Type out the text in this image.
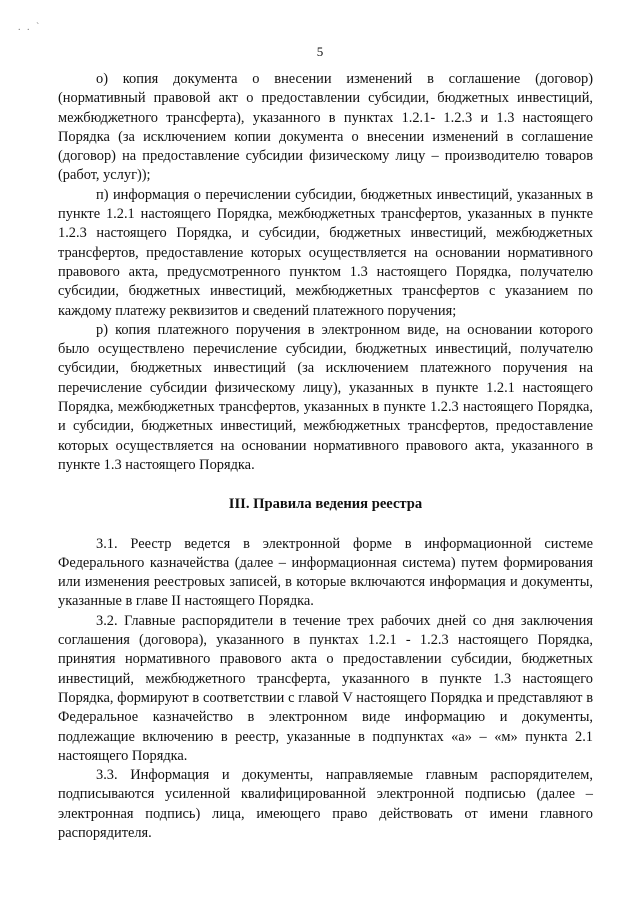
. . `
5

о) копия документа о внесении изменений в соглашение (договор) (нормативный правовой акт о предоставлении субсидии, бюджетных инвестиций, межбюджетного трансферта), указанного в пунктах 1.2.1- 1.2.3 и 1.3 настоящего Порядка (за исключением копии документа о внесении изменений в соглашение (договор) на предоставление субсидии физическому лицу – производителю товаров (работ, услуг));

п) информация о перечислении субсидии, бюджетных инвестиций, указанных в пункте 1.2.1 настоящего Порядка, межбюджетных трансфертов, указанных в пункте 1.2.3 настоящего Порядка, и субсидии, бюджетных инвестиций, межбюджетных трансфертов, предоставление которых осуществляется на основании нормативного правового акта, предусмотренного пунктом 1.3 настоящего Порядка, получателю субсидии, бюджетных инвестиций, межбюджетных трансфертов с указанием по каждому платежу реквизитов и сведений платежного поручения;

р) копия платежного поручения в электронном виде, на основании которого было осуществлено перечисление субсидии, бюджетных инвестиций, получателю субсидии, бюджетных инвестиций (за исключением платежного поручения на перечисление субсидии физическому лицу), указанных в пункте 1.2.1 настоящего Порядка, межбюджетных трансфертов, указанных в пункте 1.2.3 настоящего Порядка, и субсидии, бюджетных инвестиций, межбюджетных трансфертов, предоставление которых осуществляется на основании нормативного правового акта, указанного в пункте 1.3 настоящего Порядка.

III. Правила ведения реестра

3.1. Реестр ведется в электронной форме в информационной системе Федерального казначейства (далее – информационная система) путем формирования или изменения реестровых записей, в которые включаются информация и документы, указанные в главе II настоящего Порядка.

3.2. Главные распорядители в течение трех рабочих дней со дня заключения соглашения (договора), указанного в пунктах 1.2.1 - 1.2.3 настоящего Порядка, принятия нормативного правового акта о предоставлении субсидии, бюджетных инвестиций, межбюджетного трансферта, указанного в пункте 1.3 настоящего Порядка, формируют в соответствии с главой V настоящего Порядка и представляют в Федеральное казначейство в электронном виде информацию и документы, подлежащие включению в реестр, указанные в подпунктах «а» – «м» пункта 2.1 настоящего Порядка.

3.3. Информация и документы, направляемые главным распорядителем, подписываются усиленной квалифицированной электронной подписью (далее – электронная подпись) лица, имеющего право действовать от имени главного распорядителя.
